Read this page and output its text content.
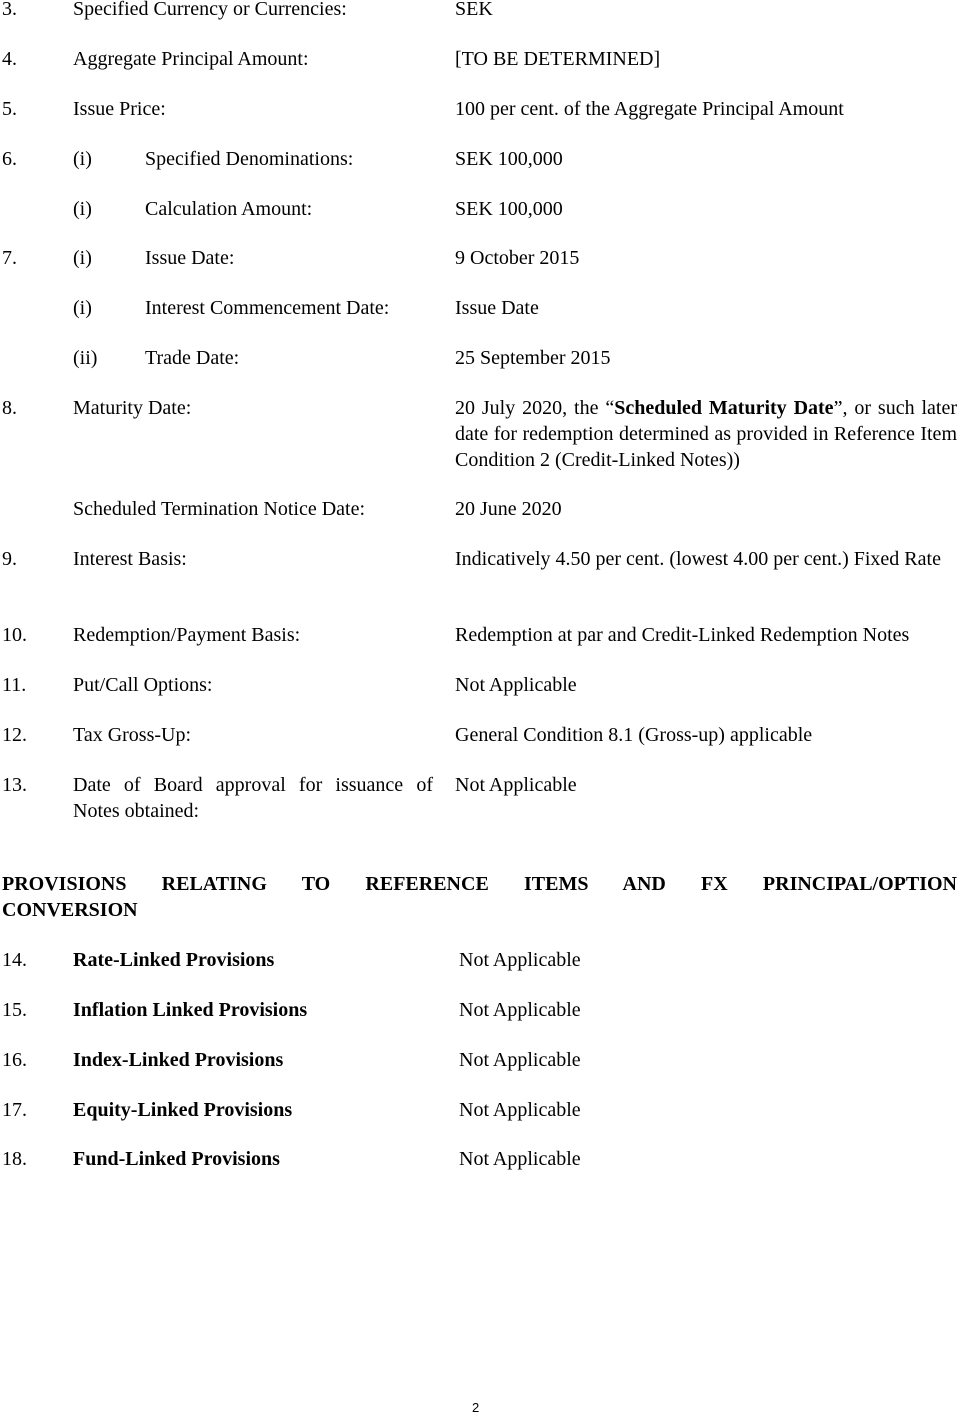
3.	Specified Currency or Currencies:	SEK
4.	Aggregate Principal Amount:	[TO BE DETERMINED]
5.	Issue Price:	100 per cent. of the Aggregate Principal Amount
6.	(i)	Specified Denominations:	SEK 100,000
(i)	Calculation Amount:	SEK 100,000
7.	(i)	Issue Date:	9 October 2015
(i)	Interest Commencement Date:	Issue Date
(ii) Trade Date:	25 September 2015
8.	Maturity Date:	20 July 2020, the “Scheduled Maturity Date”, or such later date for redemption determined as provided in Reference Item Condition 2 (Credit-Linked Notes))
Scheduled Termination Notice Date:	20 June 2020
9.	Interest Basis:	Indicatively 4.50 per cent. (lowest 4.00 per cent.) Fixed Rate
10. Redemption/Payment Basis:	Redemption at par and Credit-Linked Redemption Notes
11. Put/Call Options:	Not Applicable
12. Tax Gross-Up:	General Condition 8.1 (Gross-up) applicable
13. Date of Board approval for issuance of Notes obtained:
Not Applicable
PROVISIONS RELATING TO REFERENCE ITEMS AND FX PRINCIPAL/OPTION
CONVERSION
14. Rate-Linked Provisions	Not Applicable
15. Inflation Linked Provisions	Not Applicable
16. Index-Linked Provisions	Not Applicable
17. Equity-Linked Provisions	Not Applicable
18. Fund-Linked Provisions	Not Applicable
2
